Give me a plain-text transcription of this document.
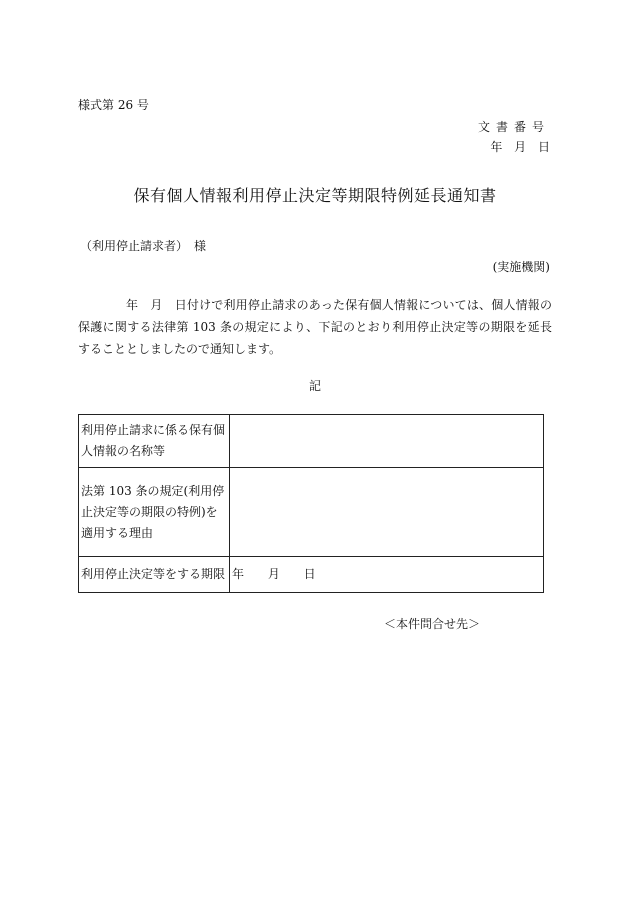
様式第 26 号
文書番号
年 月 日
保有個人情報利用停止決定等期限特例延長通知書
（利用停止請求者）　様
(実施機関)
年　月　日付けで利用停止請求のあった保有個人情報については、個人情報の保護に関する法律第 103 条の規定により、下記のとおり利用停止決定等の期限を延長することとしましたので通知します。
記
利用停止請求に係る保有個人情報の名称等	
法第 103 条の規定(利用停止決定等の期限の特例)を適用する理由	
利用停止決定等をする期限	年 月 日
＜本件問合せ先＞
